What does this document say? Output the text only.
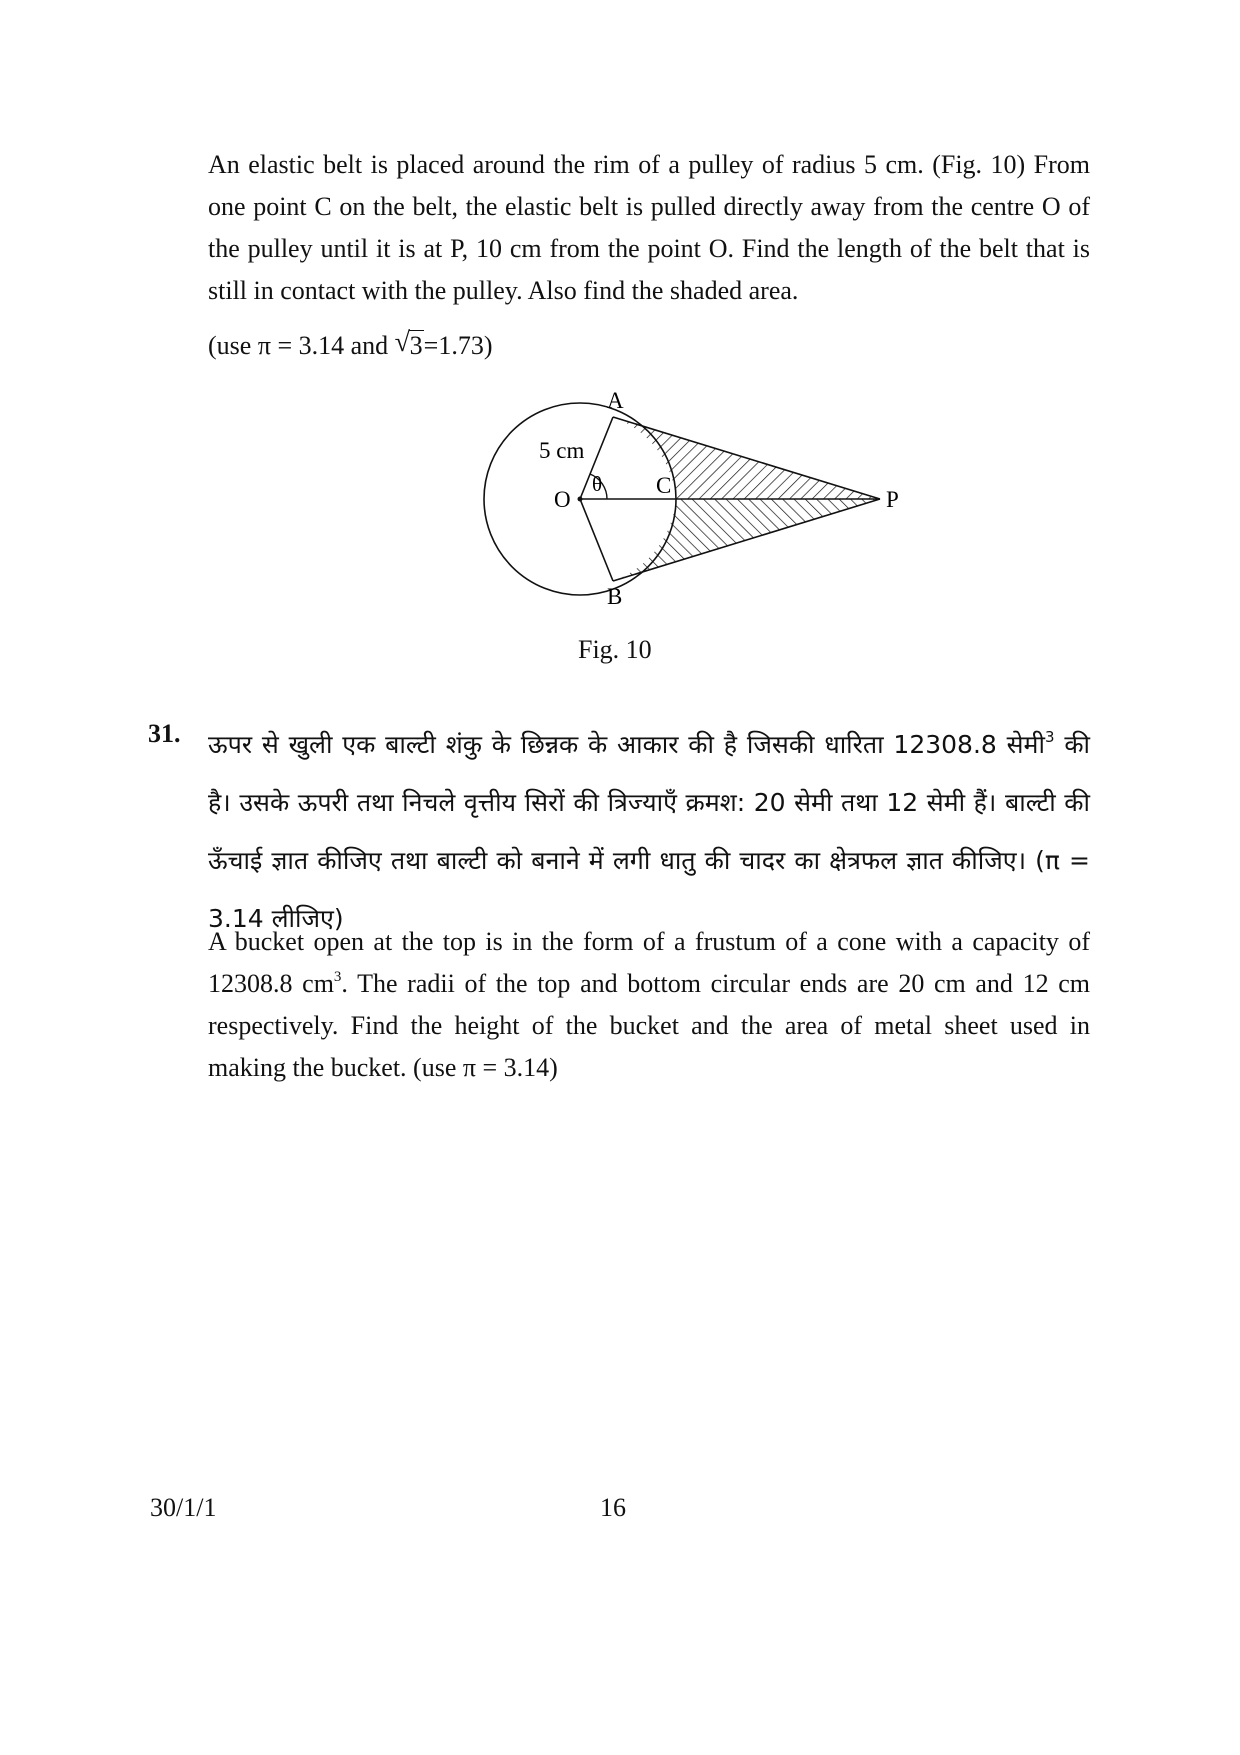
An elastic belt is placed around the rim of a pulley of radius 5 cm. (Fig. 10) From one point C on the belt, the elastic belt is pulled directly away from the centre O of the pulley until it is at P, 10 cm from the point O. Find the length of the belt that is still in contact with the pulley. Also find the shaded area.
(use π = 3.14 and √ 3=1.73)
A
B
C
O	P
5 cm
θ
Fig. 10
31. ऊपर से खुली एक बाल्टी शंकु के छिन्नक के आकार की है जिसकी धारिता 12308.8 सेमी$^3$ की है। उसके ऊपरी तथा निचले वृत्तीय सिरों की त्रिज्याएँ क्रमश: 20 सेमी तथा 12 सेमी हैं। बाल्टी की ऊँचाई ज्ञात कीजिए तथा बाल्टी को बनाने में लगी धातु की चादर का क्षेत्रफल ज्ञात कीजिए। (π = 3.14 लीजिए)
A bucket open at the top is in the form of a frustum of a cone with a capacity of 12308.8 $cm^3$. The radii of the top and bottom circular ends are 20 cm and 12 cm respectively. Find the height of the bucket and the area of metal sheet used in making the bucket. (use π = 3.14)
30/1/1	16
